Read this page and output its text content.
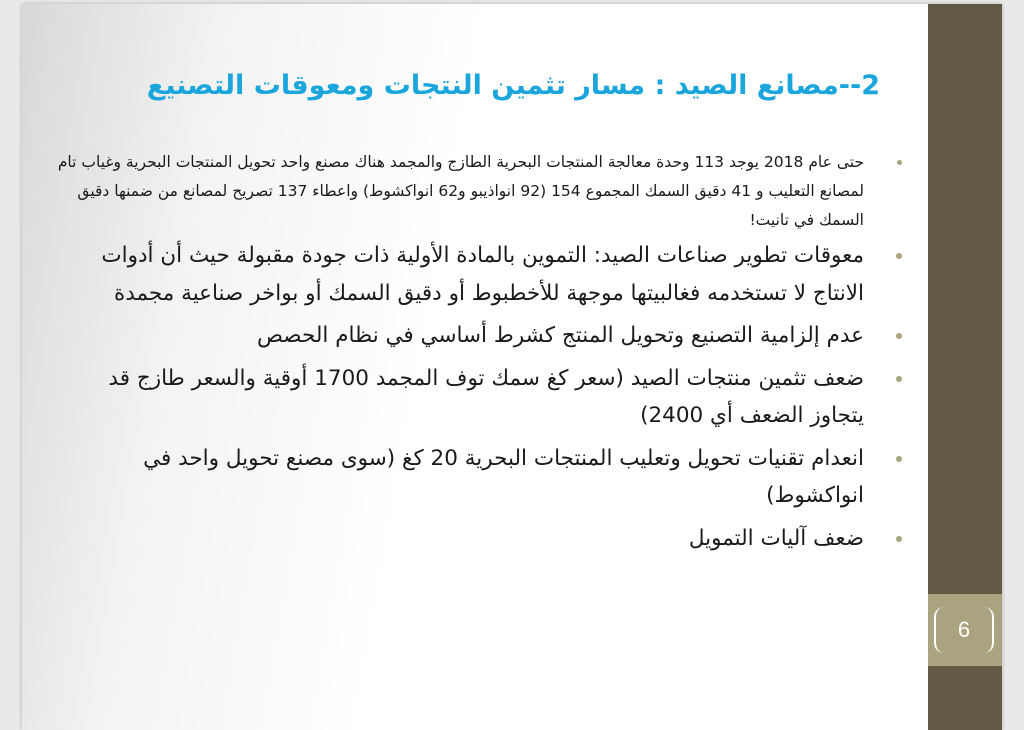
6
2--مصانع الصيد : مسار تثمين النتجات ومعوقات التصنيع
حتى عام 2018 يوجد 113 وحدة معالجة المنتجات البحرية الطازج والمجمد هناك مصنع واحد تحويل المنتجات البحرية وغياب تام لمصانع التعليب و 41 دقيق السمك المجموع 154 (92 انواذيبو و62 انواكشوط) واعطاء 137 تصريح لمصانع من ضمنها دقيق السمك في تانيت!
معوقات تطوير صناعات الصيد: التموين بالمادة الأولية ذات جودة مقبولة حيث أن أدوات الانتاج لا تستخدمه فغالبيتها موجهة للأخطبوط أو دقيق السمك أو بواخر صناعية مجمدة
عدم إلزامية التصنيع وتحويل المنتج كشرط أساسي في نظام الحصص
ضعف تثمين منتجات الصيد (سعر كغ سمك توف المجمد 1700 أوقية والسعر طازج قد يتجاوز الضعف أي 2400)
انعدام تقنيات تحويل وتعليب المنتجات البحرية 20 كغ (سوى مصنع تحويل واحد في انواكشوط)
ضعف آليات التمويل
